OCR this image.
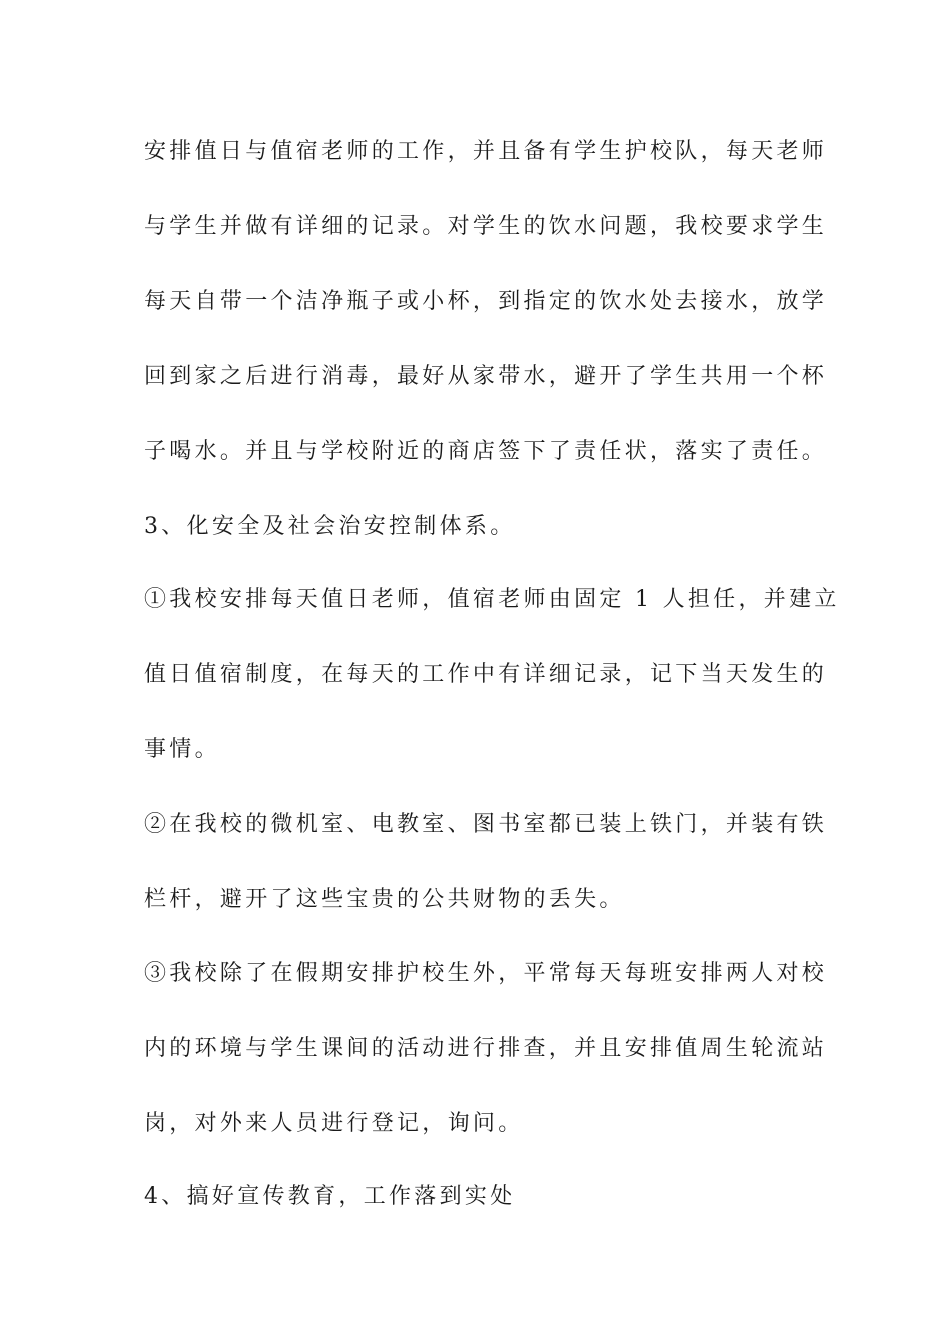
安排值日与值宿老师的工作，并且备有学生护校队，每天老师
与学生并做有详细的记录。对学生的饮水问题，我校要求学生
每天自带一个洁净瓶子或小杯，到指定的饮水处去接水，放学
回到家之后进行消毒，最好从家带水，避开了学生共用一个杯
子喝水。并且与学校附近的商店签下了责任状，落实了责任。
3、化安全及社会治安控制体系。
①我校安排每天值日老师，值宿老师由固定 1 人担任，并建立
值日值宿制度，在每天的工作中有详细记录，记下当天发生的
事情。
②在我校的微机室、电教室、图书室都已装上铁门，并装有铁
栏杆，避开了这些宝贵的公共财物的丢失。
③我校除了在假期安排护校生外，平常每天每班安排两人对校
内的环境与学生课间的活动进行排查，并且安排值周生轮流站
岗，对外来人员进行登记，询问。
4、搞好宣传教育，工作落到实处
